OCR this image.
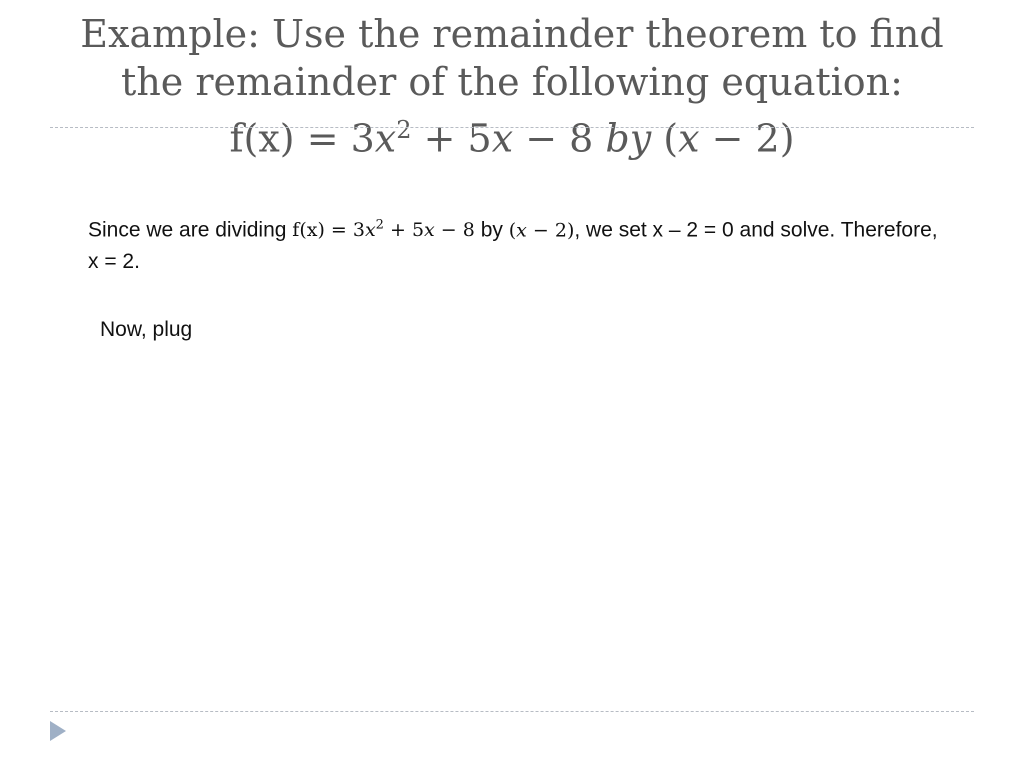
Example: Use the remainder theorem to find
the remainder of the following equation:
$f(x) = 3x^2 + 5x - 8$ by (x − 2)
Since we are dividing $f(x) = 3x^2 + 5x - 8$ by (x − 2), we set x – 2 = 0 and solve. Therefore, x = 2.
Now, plug
